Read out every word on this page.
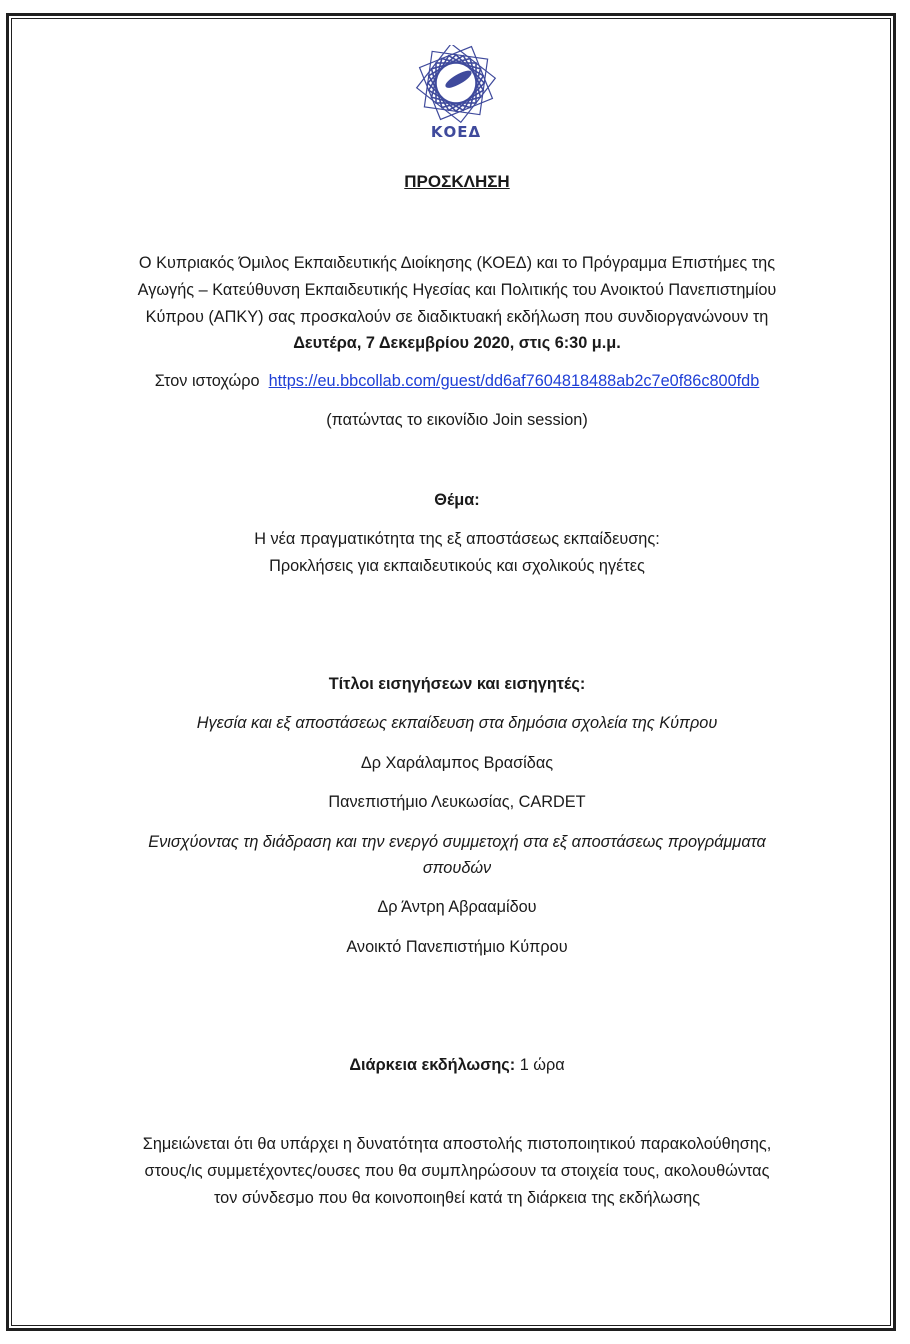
ΚΟΕΔ
ΠΡΟΣΚΛΗΣΗ
Ο Κυπριακός Όμιλος Εκπαιδευτικής Διοίκησης (ΚΟΕΔ) και το Πρόγραμμα Επιστήμες της
Αγωγής – Κατεύθυνση Εκπαιδευτικής Ηγεσίας και Πολιτικής του Ανοικτού Πανεπιστημίου
Κύπρου (ΑΠΚΥ) σας προσκαλούν σε διαδικτυακή εκδήλωση που συνδιοργανώνουν τη
Δευτέρα, 7 Δεκεμβρίου 2020, στις 6:30 μ.μ.
Στον ιστοχώρο https://eu.bbcollab.com/guest/dd6af7604818488ab2c7e0f86c800fdb
(πατώντας το εικονίδιο Join session)
Θέμα:
Η νέα πραγματικότητα της εξ αποστάσεως εκπαίδευσης:
Προκλήσεις για εκπαιδευτικούς και σχολικούς ηγέτες
Τίτλοι εισηγήσεων και εισηγητές:
Ηγεσία και εξ αποστάσεως εκπαίδευση στα δημόσια σχολεία της Κύπρου
Δρ Χαράλαμπος Βρασίδας
Πανεπιστήμιο Λευκωσίας, CARDET
Ενισχύοντας τη διάδραση και την ενεργό συμμετοχή στα εξ αποστάσεως προγράμματα
σπουδών
Δρ Άντρη Αβρααμίδου
Ανοικτό Πανεπιστήμιο Κύπρου
Διάρκεια εκδήλωσης: 1 ώρα
Σημειώνεται ότι θα υπάρχει η δυνατότητα αποστολής πιστοποιητικού παρακολούθησης,
στους/ις συμμετέχοντες/ουσες που θα συμπληρώσουν τα στοιχεία τους, ακολουθώντας
τον σύνδεσμο που θα κοινοποιηθεί κατά τη διάρκεια της εκδήλωσης
